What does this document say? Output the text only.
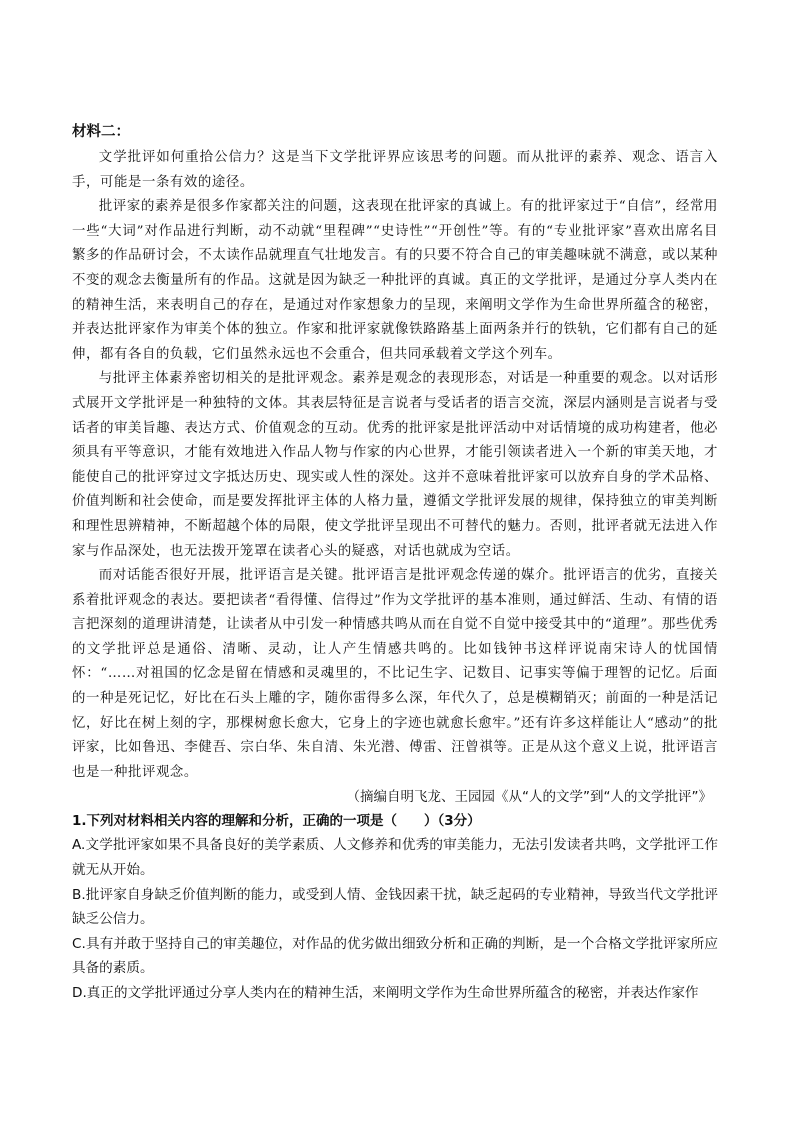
材料二：

文学批评如何重拾公信力？这是当下文学批评界应该思考的问题。而从批评的素养、观念、语言入手，可能是一条有效的途径。

批评家的素养是很多作家都关注的问题，这表现在批评家的真诚上。有的批评家过于“自信”，经常用一些“大词”对作品进行判断，动不动就“里程碑”“史诗性”“开创性”等。有的“专业批评家”喜欢出席名目繁多的作品研讨会，不太读作品就理直气壮地发言。有的只要不符合自己的审美趣味就不满意，或以某种不变的观念去衡量所有的作品。这就是因为缺乏一种批评的真诚。真正的文学批评，是通过分享人类内在的精神生活，来表明自己的存在，是通过对作家想象力的呈现，来阐明文学作为生命世界所蕴含的秘密，并表达批评家作为审美个体的独立。作家和批评家就像铁路路基上面两条并行的铁轨，它们都有自己的延伸，都有各自的负载，它们虽然永远也不会重合，但共同承载着文学这个列车。

与批评主体素养密切相关的是批评观念。素养是观念的表现形态，对话是一种重要的观念。以对话形式展开文学批评是一种独特的文体。其表层特征是言说者与受话者的语言交流，深层内涵则是言说者与受话者的审美旨趣、表达方式、价值观念的互动。优秀的批评家是批评活动中对话情境的成功构建者，他必须具有平等意识，才能有效地进入作品人物与作家的内心世界，才能引领读者进入一个新的审美天地，才能使自己的批评穿过文字抵达历史、现实或人性的深处。这并不意味着批评家可以放弃自身的学术品格、价值判断和社会使命，而是要发挥批评主体的人格力量，遵循文学批评发展的规律，保持独立的审美判断和理性思辨精神，不断超越个体的局限，使文学批评呈现出不可替代的魅力。否则，批评者就无法进入作家与作品深处，也无法拨开笼罩在读者心头的疑惑，对话也就成为空话。

而对话能否很好开展，批评语言是关键。批评语言是批评观念传递的媒介。批评语言的优劣，直接关系着批评观念的表达。要把读者“看得懂、信得过”作为文学批评的基本准则，通过鲜活、生动、有情的语言把深刻的道理讲清楚，让读者从中引发一种情感共鸣从而在自觉不自觉中接受其中的“道理”。那些优秀的文学批评总是通俗、清晰、灵动，让人产生情感共鸣的。比如钱钟书这样评说南宋诗人的忧国情怀：“……对祖国的忆念是留在情感和灵魂里的，不比记生字、记数目、记事实等偏于理智的记忆。后面的一种是死记忆，好比在石头上雕的字，随你雷得多么深，年代久了，总是模糊销灭；前面的一种是活记忆，好比在树上刻的字，那棵树愈长愈大，它身上的字迹也就愈长愈牢。”还有许多这样能让人“感动”的批评家，比如鲁迅、李健吾、宗白华、朱自清、朱光潜、傅雷、汪曾祺等。正是从这个意义上说，批评语言也是一种批评观念。

（摘编自明飞龙、王园园《从“人的文学”到“人的文学批评”》

1.下列对材料相关内容的理解和分析，正确的一项是（　　）（3分）

A.文学批评家如果不具备良好的美学素质、人文修养和优秀的审美能力，无法引发读者共鸣，文学批评工作就无从开始。

B.批评家自身缺乏价值判断的能力，或受到人情、金钱因素干扰，缺乏起码的专业精神，导致当代文学批评缺乏公信力。

C.具有并敢于坚持自己的审美趣位，对作品的优劣做出细致分析和正确的判断，是一个合格文学批评家所应具备的素质。

D.真正的文学批评通过分享人类内在的精神生活，来阐明文学作为生命世界所蕴含的秘密，并表达作家作
